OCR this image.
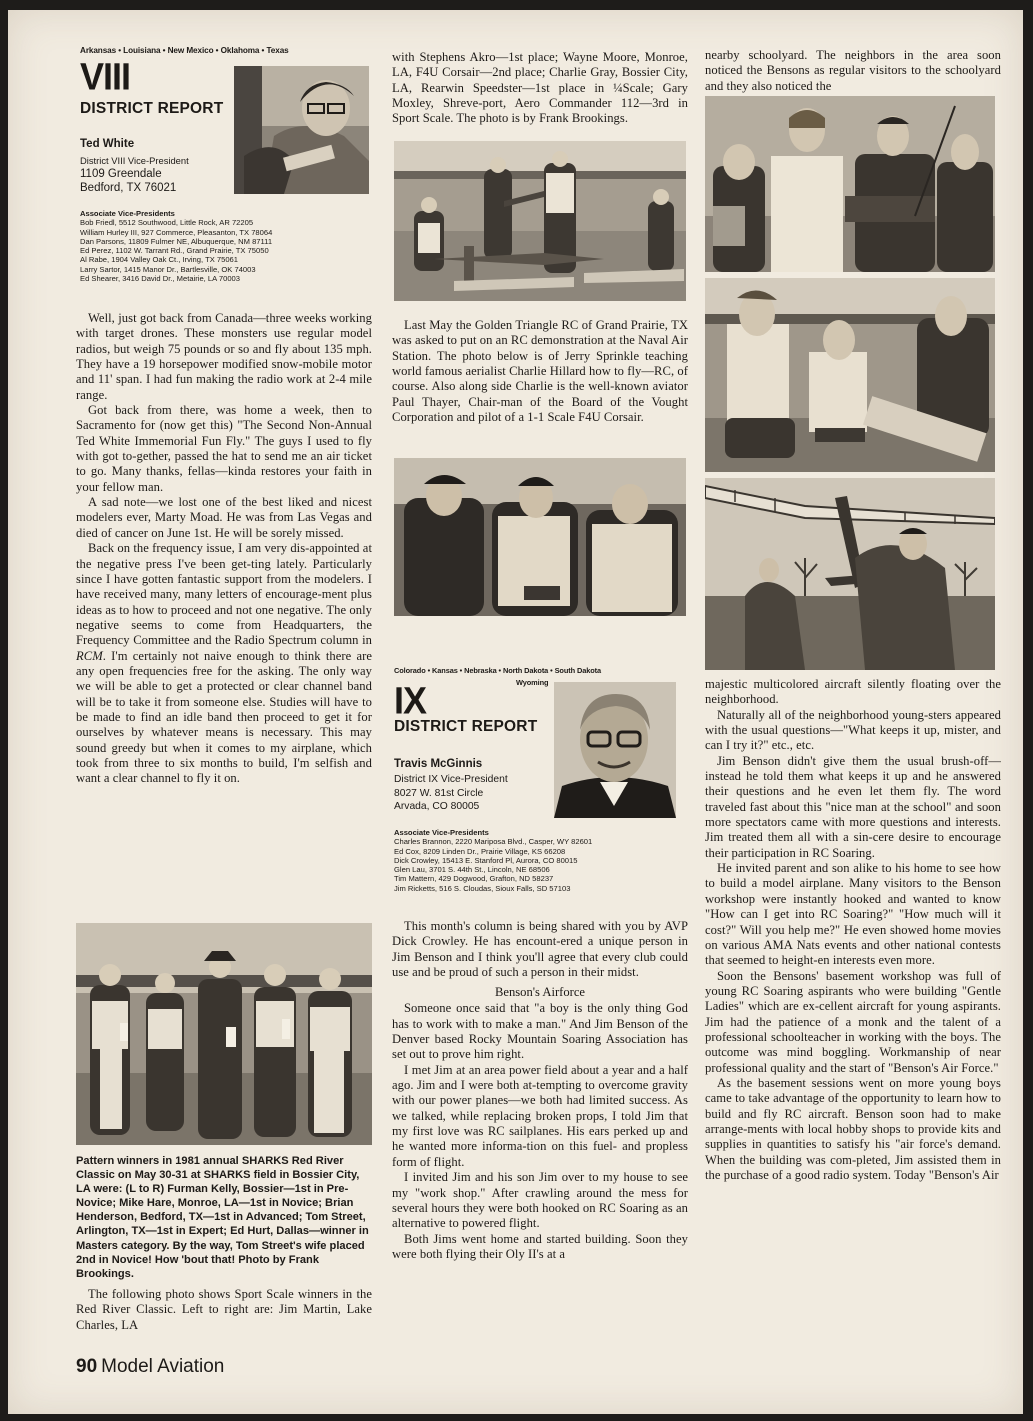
Arkansas • Louisiana • New Mexico • Oklahoma • Texas
VIII
DISTRICT REPORT
Ted White
District VIII Vice-President
1109 Greendale
Bedford, TX 76021
Associate Vice-Presidents
Bob Friedl, 5512 Southwood, Little Rock, AR 72205
William Hurley III, 927 Commerce, Pleasanton, TX 78064
Dan Parsons, 11809 Fulmer NE, Albuquerque, NM 87111
Ed Perez, 1102 W. Tarrant Rd., Grand Prairie, TX 75050
Al Rabe, 1904 Valley Oak Ct., Irving, TX 75061
Larry Sartor, 1415 Manor Dr., Bartlesville, OK 74003
Ed Shearer, 3416 David Dr., Metairie, LA 70003

Well, just got back from Canada—three weeks working with target drones. These monsters use regular model radios, but weigh 75 pounds or so and fly about 135 mph. They have a 19 horsepower modified snow-mobile motor and 11' span. I had fun making the radio work at 2-4 mile range.

Got back from there, was home a week, then to Sacramento for (now get this) "The Second Non-Annual Ted White Immemorial Fun Fly." The guys I used to fly with got to-gether, passed the hat to send me an air ticket to go. Many thanks, fellas—kinda restores your faith in your fellow man.

A sad note—we lost one of the best liked and nicest modelers ever, Marty Moad. He was from Las Vegas and died of cancer on June 1st. He will be sorely missed.

Back on the frequency issue, I am very dis-appointed at the negative press I've been get-ting lately. Particularly since I have gotten fantastic support from the modelers. I have received many, many letters of encourage-ment plus ideas as to how to proceed and not one negative. The only negative seems to come from Headquarters, the Frequency Committee and the Radio Spectrum column in RCM. I'm certainly not naive enough to think there are any open frequencies free for the asking. The only way we will be able to get a protected or clear channel band will be to take it from someone else. Studies will have to be made to find an idle band then proceed to get it for ourselves by whatever means is necessary. This may sound greedy but when it comes to my airplane, which took from three to six months to build, I'm selfish and want a clear channel to fly it on.

Pattern winners in 1981 annual SHARKS Red River Classic on May 30-31 at SHARKS field in Bossier City, LA were: (L to R) Furman Kelly, Bossier—1st in Pre-Novice; Mike Hare, Monroe, LA—1st in Novice; Brian Henderson, Bedford, TX—1st in Advanced; Tom Street, Arlington, TX—1st in Expert; Ed Hurt, Dallas—winner in Masters category. By the way, Tom Street's wife placed 2nd in Novice! How 'bout that! Photo by Frank Brookings.

The following photo shows Sport Scale winners in the Red River Classic. Left to right are: Jim Martin, Lake Charles, LA

with Stephens Akro—1st place; Wayne Moore, Monroe, LA, F4U Corsair—2nd place; Charlie Gray, Bossier City, LA, Rearwin Speedster—1st place in ¼Scale; Gary Moxley, Shreve-port, Aero Commander 112—3rd in Sport Scale. The photo is by Frank Brookings.

Last May the Golden Triangle RC of Grand Prairie, TX was asked to put on an RC demonstration at the Naval Air Station. The photo below is of Jerry Sprinkle teaching world famous aerialist Charlie Hillard how to fly—RC, of course. Also along side Charlie is the well-known aviator Paul Thayer, Chair-man of the Board of the Vought Corporation and pilot of a 1-1 Scale F4U Corsair.

Colorado • Kansas • Nebraska • North Dakota • South Dakota
Wyoming
IX
DISTRICT REPORT
Travis McGinnis
District IX Vice-President
8027 W. 81st Circle
Arvada, CO 80005
Associate Vice-Presidents
Charles Brannon, 2220 Mariposa Blvd., Casper, WY 82601
Ed Cox, 8209 Linden Dr., Prairie Village, KS 66208
Dick Crowley, 15413 E. Stanford Pl, Aurora, CO 80015
Glen Lau, 3701 S. 44th St., Lincoln, NE 68506
Tim Mattern, 429 Dogwood, Grafton, ND 58237
Jim Ricketts, 516 S. Cloudas, Sioux Falls, SD 57103

This month's column is being shared with you by AVP Dick Crowley. He has encount-ered a unique person in Jim Benson and I think you'll agree that every club could use and be proud of such a person in their midst.

Benson's Airforce

Someone once said that "a boy is the only thing God has to work with to make a man." And Jim Benson of the Denver based Rocky Mountain Soaring Association has set out to prove him right.

I met Jim at an area power field about a year and a half ago. Jim and I were both at-tempting to overcome gravity with our power planes—we both had limited success. As we talked, while replacing broken props, I told Jim that my first love was RC sailplanes. His ears perked up and he wanted more informa-tion on this fuel- and propless form of flight.

I invited Jim and his son Jim over to my house to see my "work shop." After crawling around the mess for several hours they were both hooked on RC Soaring as an alternative to powered flight.

Both Jims went home and started building. Soon they were both flying their Oly II's at a

nearby schoolyard. The neighbors in the area soon noticed the Bensons as regular visitors to the schoolyard and they also noticed the

majestic multicolored aircraft silently floating over the neighborhood.

Naturally all of the neighborhood young-sters appeared with the usual questions—"What keeps it up, mister, and can I try it?" etc., etc.

Jim Benson didn't give them the usual brush-off—instead he told them what keeps it up and he answered their questions and he even let them fly. The word traveled fast about this "nice man at the school" and soon more spectators came with more questions and interests. Jim treated them all with a sin-cere desire to encourage their participation in RC Soaring.

He invited parent and son alike to his home to see how to build a model airplane. Many visitors to the Benson workshop were instantly hooked and wanted to know "How can I get into RC Soaring?" "How much will it cost?" Will you help me?" He even showed home movies on various AMA Nats events and other national contests that seemed to height-en interests even more.

Soon the Bensons' basement workshop was full of young RC Soaring aspirants who were building "Gentle Ladies" which are ex-cellent aircraft for young aspirants. Jim had the patience of a monk and the talent of a professional schoolteacher in working with the boys. The outcome was mind boggling. Workmanship of near professional quality and the start of "Benson's Air Force."

As the basement sessions went on more young boys came to take advantage of the opportunity to learn how to build and fly RC aircraft. Benson soon had to make arrange-ments with local hobby shops to provide kits and supplies in quantities to satisfy his "air force's demand. When the building was com-pleted, Jim assisted them in the purchase of a good radio system. Today "Benson's Air

90 Model Aviation
